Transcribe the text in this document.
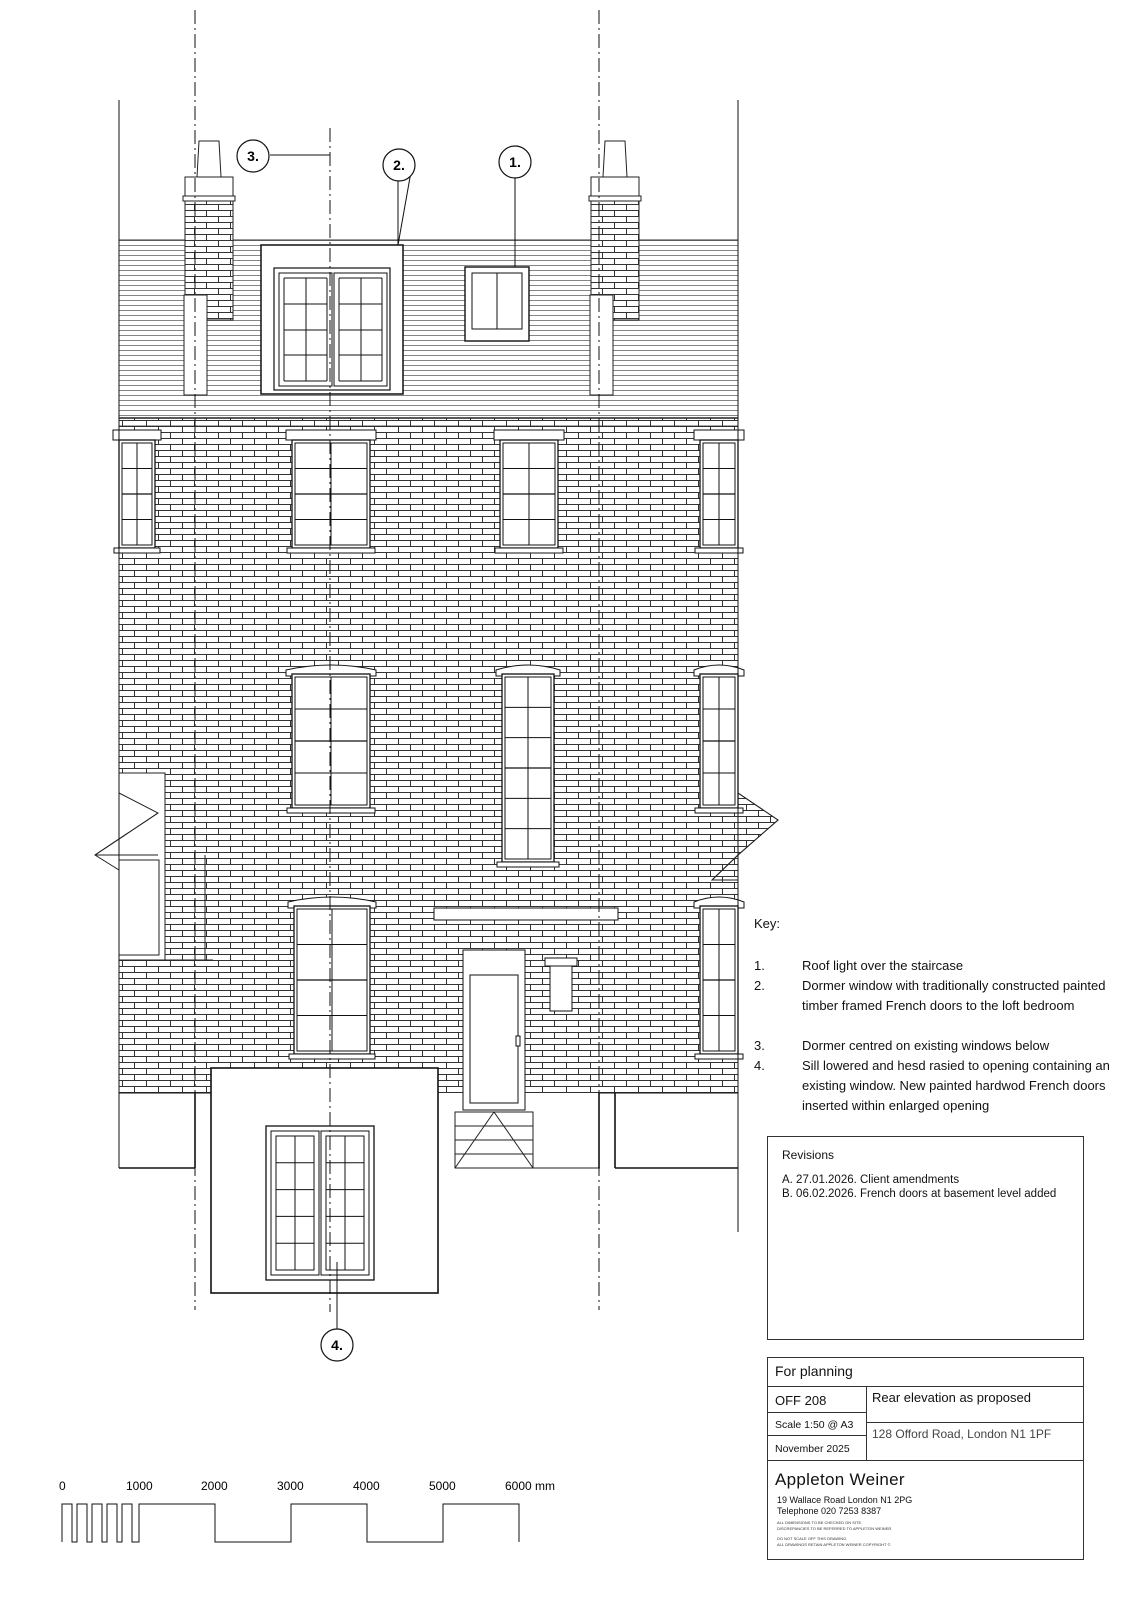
3.
2.	1.
4.
0	1000	2000	3000	4000	5000	6000 mm
Key:
1.	Roof light over the staircase
2.	Dormer window with traditionally constructed painted timber framed French doors to the loft bedroom
3.	Dormer centred on existing windows below
4.	Sill lowered and hesd rasied to opening containing an existing window. New painted hardwod French doors inserted within enlarged opening
Revisions
A. 27.01.2026. Client amendments
B. 06.02.2026. French doors at basement level added
For planning
OFF 208
Scale 1:50 @ A3
November 2025
Rear elevation as proposed
128 Offord Road, London N1 1PF
Appleton Weiner
19 Wallace Road London N1 2PG
Telephone 020 7253 8387
ALL DIMENSIONS TO BE CHECKED ON SITE.
DISCREPANCIES TO BE REFERRED TO APPLETON WEINER.
DO NOT SCALE OFF THIS DRAWING.
ALL DRAWINGS RETAIN APPLETON WEINER COPYRIGHT ©
